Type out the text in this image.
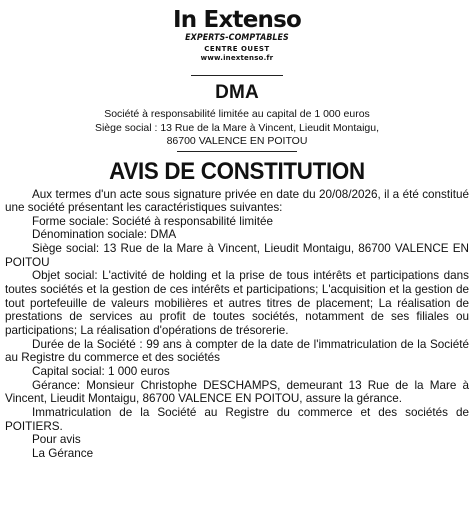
In Extenso
EXPERTS-COMPTABLES
CENTRE OUEST
www.inextenso.fr
DMA
Société à responsabilité limitée au capital de 1 000 euros
Siège social : 13 Rue de la Mare à Vincent, Lieudit Montaigu,
86700 VALENCE EN POITOU
AVIS DE CONSTITUTION

Aux termes d'un acte sous signature privée en date du 20/08/2026, il a été constitué une société présentant les caractéristiques suivantes:

Forme sociale: Société à responsabilité limitée

Dénomination sociale: DMA

Siège social: 13 Rue de la Mare à Vincent, Lieudit Montaigu, 86700 VALENCE EN POITOU

Objet social: L'activité de holding et la prise de tous intérêts et participations dans toutes sociétés et la gestion de ces intérêts et participations; L'acquisition et la gestion de tout portefeuille de valeurs mobilières et autres titres de placement; La réalisation de prestations de services au profit de toutes sociétés, notamment de ses filiales ou participations; La réalisation d'opérations de trésorerie.

Durée de la Société : 99 ans à compter de la date de l'immatriculation de la Société au Registre du commerce et des sociétés

Capital social: 1 000 euros

Gérance: Monsieur Christophe DESCHAMPS, demeurant 13 Rue de la Mare à Vincent, Lieudit Montaigu, 86700 VALENCE EN POITOU, assure la gérance.

Immatriculation de la Société au Registre du commerce et des sociétés de POITIERS.

Pour avis

La Gérance
